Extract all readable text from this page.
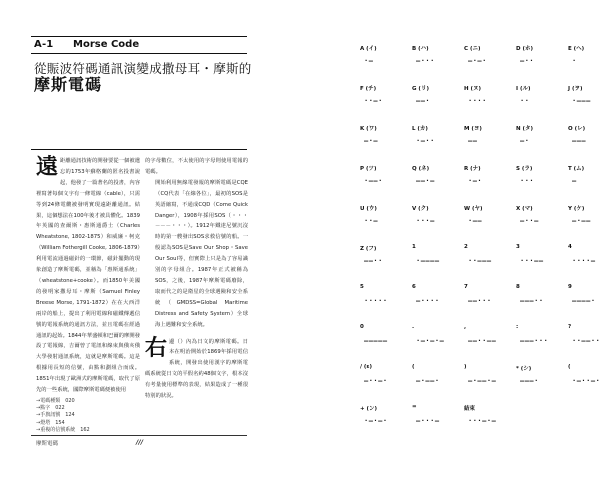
A-1 Morse Code
從賑波符碼通訊演變成撒母耳・摩斯的
摩斯電碼
遠 距離通訊技術的開發要從一個被遺忘的1753年蘇格蘭的匿名投書說起，他發了一篇著名的投書，內容裡寫著每個文字有一條電線（cable），只需等到24條電纜被發明實現遠距離通訊。結果，這個想法在100年後才被具體化。1839年英國的查爾斯・惠斯通爵士（Charles Wheatstone, 1802-1875）和威廉・柯克（William Fothergill Cooke, 1806-1879）利用電流通過磁針的一環節，磁針擺動的現象創造了摩斯電碼，並稱為「惠斯通系統」（wheatstone+cooke）。而1850年美國的發明家撒母耳・摩斯（Samuel Finley Breese Morse, 1791-1872）在在大西洋兩岸的船上，提出了利用電線和磁鐵傳遞信號的電報系統的通訊方法，並且電碼在經過通訊的起始。1844年華盛頓和巴爾的摩開發設了電報線，吉爾曾了電訊和線束與俄亥俄大學發射通訊系統，這就是摩斯電碼。這是根據用長短的信號，由點和劃組合而成。1851年出現了歐洲式的摩斯電碼，取代了原先的一些系統，國際摩斯電碼便被使用
的字母數位，不太使用的字母則使用電報的電碼。
開始利用無線電發報的摩斯電碼是CQE（CQ代表「在線各位」，最初的SOS是英語縮寫，不通成CQD（Come Quick Danger），1908年採用SOS（・・・－－－・・・）。1912年鐵達尼號沉沒時的第一艘發出SOS求救信號的船。一般認為SOS是Save Our Shop・Save Our Soul等，但實際上只是為了容易識別的字母組合。1987年正式被稱為SOS，之後，1987年摩斯電碼廢除，取而代之的是衛星的全球遇險和安全系統（GMDSS=Global Maritime Distress and Safety System）全球海上遇難和安全系統。
右 邊（）內為日文的摩斯電碼。日本在明治開始於1869年採用電信系統，開發出使用漢字的摩斯電碼系統從日文的平假名約48個文字，根本沒有考量使用標準的表現，結果造成了一種很特別的狀況。
→電碼種類　020
→點字　022
→手旗訊號　124
→燈塔　154
→重複的信號系統　162
摩斯電碼	///
A (イ)
·–
B (ハ)
–···
C (ニ)
–·–·
D (ホ)
–··
E (ヘ)
·
F (チ)
··–·
G (リ)
––·
H (ヌ)
····
I (ル)
··
J (ヲ)
·–––
K (ワ)
–·–
L (カ)
·–··
M (ヨ)
––
N (タ)
–·
O (レ)
–––
P (ツ)
·––·
Q (ネ)
––·–
R (ナ)
·–·
S (ラ)
···
T (ム)
–
U (ウ)
··–
V (ク)
···–
W (ヤ)
·––
X (マ)
–··–
Y (ケ)
–·––
Z (フ)
––··
1
·––––
2
··–––
3
···––
4
····–
5
·····
6
–····
7
––···
8
–––··
9
––––·
0
–––––
.
·–·–·–
,
––··––
:
–––···
?
··––··
/ (ε)
–··–·
(
–·––·
)
–·––·–
* (シ)
–––·
(
·–··–·
+ (ン)
·–·–·
=
–···–
結束
···–·–
